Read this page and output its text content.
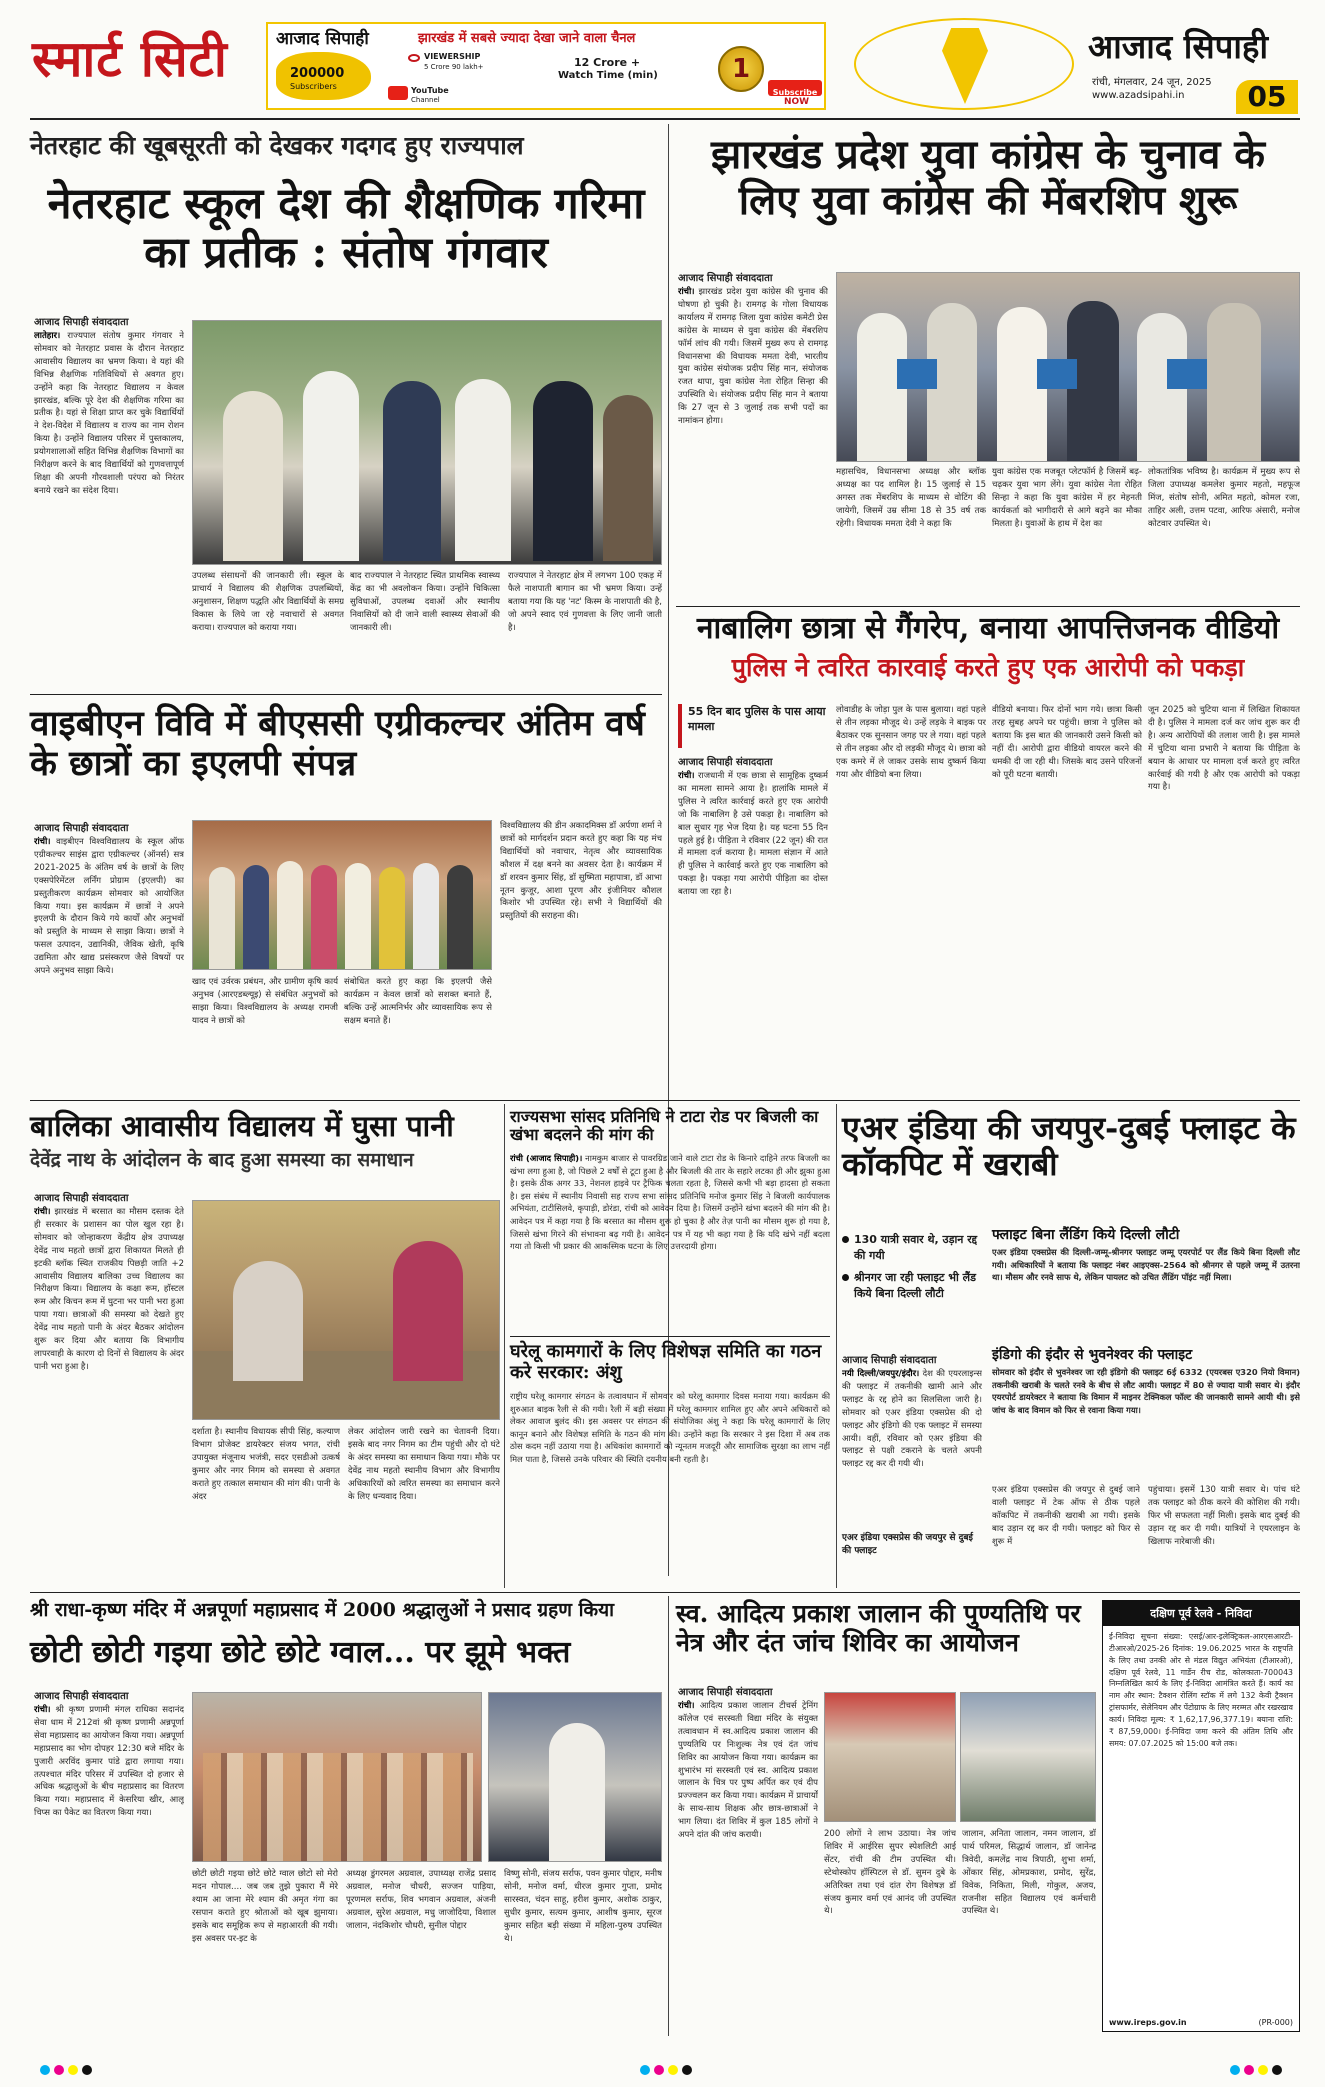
स्मार्ट सिटी	आजाद सिपाही	झारखंड में सबसे ज्यादा देखा जाने वाला चैनल
200000
Subscribers	YouTube
Channel
VIEWERSHIP
5 Crore 90 lakh+	12 Crore +
Watch Time (min)	1
Subscribe
NOW
आजाद सिपाही
रांची, मंगलवार, 24 जून, 2025
www.azadsipahi.in	05
नेतरहाट की खूबसूरती को देखकर गदगद हुए राज्यपाल
नेतरहाट स्कूल देश की शैक्षणिक गरिमा का प्रतीक : संतोष गंगवार
आजाद सिपाही संवाददाता
लातेहार। राज्यपाल संतोष कुमार गंगवार ने सोमवार को नेतरहाट प्रवास के दौरान नेतरहाट आवासीय विद्यालय का भ्रमण किया। वे यहां की विभिन्न शैक्षणिक गतिविधियों से अवगत हुए। उन्होंने कहा कि नेतरहाट विद्यालय न केवल झारखंड, बल्कि पूरे देश की शैक्षणिक गरिमा का प्रतीक है। यहां से शिक्षा प्राप्त कर चुके विद्यार्थियों ने देश-विदेश में विद्यालय व राज्य का नाम रोशन किया है। उन्होंने विद्यालय परिसर में पुस्तकालय, प्रयोगशालाओं सहित विभिन्न शैक्षणिक विभागों का निरीक्षण करने के बाद विद्यार्थियों को गुणवत्तापूर्ण शिक्षा की अपनी गौरवशाली परंपरा को निरंतर बनाये रखने का संदेश दिया।
उपलब्ध संसाधनों की जानकारी ली। स्कूल के प्राचार्य ने विद्यालय की शैक्षणिक उपलब्धियों, अनुशासन, शिक्षण पद्धति और विद्यार्थियों के समग्र विकास के लिये जा रहे नवाचारों से अवगत कराया। राज्यपाल को कराया गया।
बाद राज्यपाल ने नेतरहाट स्थित प्राथमिक स्वास्थ्य केंद्र का भी अवलोकन किया। उन्होंने चिकित्सा सुविधाओं, उपलब्ध दवाओं और स्थानीय निवासियों को दी जाने वाली स्वास्थ्य सेवाओं की जानकारी ली।
राज्यपाल ने नेतरहाट क्षेत्र में लगभग 100 एकड़ में फैले नाशपाती बागान का भी भ्रमण किया। उन्हें बताया गया कि यह 'नट' किस्म के नाशपाती की है, जो अपने स्वाद एवं गुणवत्ता के लिए जानी जाती है।
झारखंड प्रदेश युवा कांग्रेस के चुनाव के लिए युवा कांग्रेस की मेंबरशिप शुरू
आजाद सिपाही संवाददाता
रांची। झारखंड प्रदेश युवा कांग्रेस की चुनाव की घोषणा हो चुकी है। रामगढ़ के गोला विधायक कार्यालय में रामगढ़ जिला युवा कांग्रेस कमेटी प्रेस कांग्रेस के माध्यम से युवा कांग्रेस की मेंबरशिप फॉर्म लांच की गयी। जिसमें मुख्य रूप से रामगढ़ विधानसभा की विधायक ममता देवी, भारतीय युवा कांग्रेस संयोजक प्रदीप सिंह मान, संयोजक रजत थापा, युवा कांग्रेस नेता रोहित सिन्हा की उपस्थिति थे। संयोजक प्रदीप सिंह मान ने बताया कि 27 जून से 3 जुलाई तक सभी पदों का नामांकन होगा।
महासचिव, विधानसभा अध्यक्ष और ब्लॉक अध्यक्ष का पद शामिल है। 15 जुलाई से 15 अगस्त तक मेंबरशिप के माध्यम से वोटिंग की जायेगी, जिसमें उम्र सीमा 18 से 35 वर्ष तक रहेगी। विधायक ममता देवी ने कहा कि
युवा कांग्रेस एक मजबूत प्लेटफॉर्म है जिसमें बढ़-चढ़कर युवा भाग लेंगे। युवा कांग्रेस नेता रोहित सिन्हा ने कहा कि युवा कांग्रेस में हर मेहनती कार्यकर्ता को भागीदारी से आगे बढ़ने का मौका मिलता है। युवाओं के हाथ में देश का
लोकतांत्रिक भविष्य है। कार्यक्रम में मुख्य रूप से जिला उपाध्यक्ष कमलेश कुमार महतो, महफूज मिंज, संतोष सोनी, अमित महतो, कोमल रजा, ताहिर अली, उत्तम पटवा, आरिफ अंसारी, मनोज कोटवार उपस्थित थे।
नाबालिग छात्रा से गैंगरेप, बनाया आपत्तिजनक वीडियो
पुलिस ने त्वरित कारवाई करते हुए एक आरोपी को पकड़ा
55 दिन बाद पुलिस के पास आया मामला
आजाद सिपाही संवाददाता
रांची। राजधानी में एक छात्रा से सामूहिक दुष्कर्म का मामला सामने आया है। हालांकि मामले में पुलिस ने त्वरित कार्रवाई करते हुए एक आरोपी जो कि नाबालिग है उसे पकड़ा है। नाबालिग को बाल सुधार गृह भेज दिया है। यह घटना 55 दिन पहले हुई है। पीड़िता ने रविवार (22 जून) की रात में मामला दर्ज कराया है। मामला संज्ञान में आते ही पुलिस ने कार्रवाई करते हुए एक नाबालिग को पकड़ा है। पकड़ा गया आरोपी पीड़िता का दोस्त बताया जा रहा है।
लोवाडीह के जोड़ा पुल के पास बुलाया। वहां पहले से तीन लड़का मौजूद थे। उन्हें लड़के ने बाइक पर बैठाकर एक सुनसान जगह पर ले गया। वहां पहले से तीन लड़का और दो लड़की मौजूद थे। छात्रा को एक कमरे में ले जाकर उसके साथ दुष्कर्म किया गया और वीडियो बना लिया।
वीडियो बनाया। फिर दोनों भाग गये। छात्रा किसी तरह सुबह अपने घर पहुंची। छात्रा ने पुलिस को बताया कि इस बात की जानकारी उसने किसी को नहीं दी। आरोपी द्वारा वीडियो वायरल करने की धमकी दी जा रही थी। जिसके बाद उसने परिजनों को पूरी घटना बतायी।
जून 2025 को चुटिया थाना में लिखित शिकायत दी है। पुलिस ने मामला दर्ज कर जांच शुरू कर दी है। अन्य आरोपियों की तलाश जारी है। इस मामले में चुटिया थाना प्रभारी ने बताया कि पीड़िता के बयान के आधार पर मामला दर्ज करते हुए त्वरित कार्रवाई की गयी है और एक आरोपी को पकड़ा गया है।
वाइबीएन विवि में बीएससी एग्रीकल्चर अंतिम वर्ष के छात्रों का इएलपी संपन्न
आजाद सिपाही संवाददाता
रांची। वाइबीएन विश्वविद्यालय के स्कूल ऑफ एग्रीकल्चर साइंस द्वारा एग्रीकल्चर (ऑनर्स) सत्र 2021-2025 के अंतिम वर्ष के छात्रों के लिए एक्सपेरिमेंटल लर्निंग प्रोग्राम (इएलपी) का प्रस्तुतीकरण कार्यक्रम सोमवार को आयोजित किया गया। इस कार्यक्रम में छात्रों ने अपने इएलपी के दौरान किये गये कार्यों और अनुभवों को प्रस्तुति के माध्यम से साझा किया। छात्रों ने फसल उत्पादन, उद्यानिकी, जैविक खेती, कृषि उद्यमिता और खाद्य प्रसंस्करण जैसे विषयों पर अपने अनुभव साझा किये।
खाद एवं उर्वरक प्रबंधन, और ग्रामीण कृषि कार्य अनुभव (आरएडब्ल्यूइ) से संबंधित अनुभवों को साझा किया। विश्वविद्यालय के अध्यक्ष रामजी यादव ने छात्रों को
संबोधित करते हुए कहा कि इएलपी जैसे कार्यक्रम न केवल छात्रों को सशक्त बनाते हैं, बल्कि उन्हें आत्मनिर्भर और व्यावसायिक रूप से सक्षम बनाते हैं।
विश्वविद्यालय की डीन अकादमिक्स डॉ अर्पणा शर्मा ने छात्रों को मार्गदर्शन प्रदान करते हुए कहा कि यह मंच विद्यार्थियों को नवाचार, नेतृत्व और व्यावसायिक कौशल में दक्ष बनने का अवसर देता है। कार्यक्रम में डॉ शरवन कुमार सिंह, डॉ सुष्मिता महापात्रा, डॉ आभा नूतन कुजूर, आशा पूरण और इंजीनियर कौशल किशोर भी उपस्थित रहे। सभी ने विद्यार्थियों की प्रस्तुतियों की सराहना की।
बालिका आवासीय विद्यालय में घुसा पानी
देवेंद्र नाथ के आंदोलन के बाद हुआ समस्या का समाधान
आजाद सिपाही संवाददाता
रांची। झारखंड में बरसात का मौसम दस्तक देते ही सरकार के प्रशासन का पोल खुल रहा है। सोमवार को जोन्हाकरण केंद्रीय क्षेत्र उपाध्यक्ष देवेंद्र नाथ महतो छात्रों द्वारा शिकायत मिलते ही इटकी ब्लॉक स्थित राजकीय पिछड़ी जाति +2 आवासीय विद्यालय बालिका उच्च विद्यालय का निरीक्षण किया। विद्यालय के कक्षा रूम, हॉस्टल रूम और किचन रूम में घुटना भर पानी भरा हुआ पाया गया। छात्राओं की समस्या को देखते हुए देवेंद्र नाथ महतो पानी के अंदर बैठकर आंदोलन शुरू कर दिया और बताया कि विभागीय लापरवाही के कारण दो दिनों से विद्यालय के अंदर पानी भरा हुआ है।
दर्शाता है। स्थानीय विधायक सीपी सिंह, कल्याण विभाग प्रोजेक्ट डायरेक्टर संजय भगत, रांची उपायुक्त मंजूनाथ भजंत्री, सदर एसडीओ उत्कर्ष कुमार और नगर निगम को समस्या से अवगत कराते हुए तत्काल समाधान की मांग की। पानी के अंदर
लेकर आंदोलन जारी रखने का चेतावनी दिया। इसके बाद नगर निगम का टीम पहुंची और दो घंटे के अंदर समस्या का समाधान किया गया। मौके पर देवेंद्र नाथ महतो स्थानीय विभाग और विभागीय अधिकारियों को त्वरित समस्या का समाधान करने के लिए धन्यवाद दिया।
राज्यसभा सांसद प्रतिनिधि ने टाटा रोड पर बिजली का खंभा बदलने की मांग की
रांची (आजाद सिपाही)। नामकुम बाजार से पावरग्रिड जाने वाले टाटा रोड के किनारे दाहिने तरफ बिजली का खंभा लगा हुआ है, जो पिछले 2 वर्षों से टूटा हुआ है और बिजली की तार के सहारे लटका ही और झुका हुआ है। इसके ठीक अगर 33, नेशनल हाइवे पर ट्रैफिक चलता रहता है, जिससे कभी भी बड़ा हादसा हो सकता है। इस संबंध में स्थानीय निवासी सह राज्य सभा सांसद प्रतिनिधि मनोज कुमार सिंह ने बिजली कार्यपालक अभियंता, टाटीसिलवे, कृपाड़ी, डोरंडा, रांची को आवेदन दिया है। जिसमें उन्होंने खंभा बदलने की मांग की है। आवेदन पत्र में कहा गया है कि बरसात का मौसम शुरू हो चुका है और तेज़ पानी का मौसम शुरू हो गया है, जिससे खंभा गिरने की संभावना बढ़ गयी है। आवेदन पत्र में यह भी कहा गया है कि यदि खंभे नहीं बदला गया तो किसी भी प्रकार की आकस्मिक घटना के लिए उत्तरदायी होगा।
घरेलू कामगारों के लिए विशेषज्ञ समिति का गठन करे सरकार: अंशु
राष्ट्रीय घरेलू कामगार संगठन के तत्वावधान में सोमवार को घरेलू कामगार दिवस मनाया गया। कार्यक्रम की शुरुआत बाइक रैली से की गयी। रैली में बड़ी संख्या में घरेलू कामगार शामिल हुए और अपने अधिकारों को लेकर आवाज बुलंद की। इस अवसर पर संगठन की संयोजिका अंशु ने कहा कि घरेलू कामगारों के लिए कानून बनाने और विशेषज्ञ समिति के गठन की मांग की। उन्होंने कहा कि सरकार ने इस दिशा में अब तक ठोस कदम नहीं उठाया गया है। अधिकांश कामगारों को न्यूनतम मजदूरी और सामाजिक सुरक्षा का लाभ नहीं मिल पाता है, जिससे उनके परिवार की स्थिति दयनीय बनी रहती है।
एअर इंडिया की जयपुर-दुबई फ्लाइट के कॉकपिट में खराबी
130 यात्री सवार थे, उड़ान रद्द की गयी
श्रीनगर जा रही फ्लाइट भी लैंड किये बिना दिल्ली लौटी
फ्लाइट बिना लैंडिंग किये दिल्ली लौटी
एअर इंडिया एक्सप्रेस की दिल्ली-जम्मू-श्रीनगर फ्लाइट जम्मू एयरपोर्ट पर लैंड किये बिना दिल्ली लौट गयी। अधिकारियों ने बताया कि फ्लाइट नंबर आइएक्स-2564 को श्रीनगर से पहले जम्मू में उतरना था। मौसम और रनवे साफ थे, लेकिन पायलट को उचित लैंडिंग पॉइंट नहीं मिला।
आजाद सिपाही संवाददाता
नयी दिल्ली/जयपुर/इंदौर। देश की एयरलाइन्स की फ्लाइट में तकनीकी खामी आने और फ्लाइट के रद्द होने का सिलसिला जारी है। सोमवार को एअर इंडिया एक्सप्रेस की दो फ्लाइट और इंडिगो की एक फ्लाइट में समस्या आयी। वहीं, रविवार को एअर इंडिया की फ्लाइट से पक्षी टकराने के चलते अपनी फ्लाइट रद्द कर दी गयी थी।
एअर इंडिया एक्सप्रेस की जयपुर से दुबई की फ्लाइट
इंडिगो की इंदौर से भुवनेश्वर की फ्लाइट
सोमवार को इंदौर से भुवनेश्वर जा रही इंडिगो की फ्लाइट 6ई 6332 (एयरबस ए320 नियो विमान) तकनीकी खराबी के चलते रनवे के बीच से लौट आयी। फ्लाइट में 80 से ज्यादा यात्री सवार थे। इंदौर एयरपोर्ट डायरेक्टर ने बताया कि विमान में माइनर टेक्निकल फॉल्ट की जानकारी सामने आयी थी। इसे जांच के बाद विमान को फिर से रवाना किया गया।
एअर इंडिया एक्सप्रेस की जयपुर से दुबई जाने वाली फ्लाइट में टेक ऑफ से ठीक पहले कॉकपिट में तकनीकी खराबी आ गयी। इसके बाद उड़ान रद्द कर दी गयी। फ्लाइट को फिर से शुरू में
पहुंचाया। इसमें 130 यात्री सवार थे। पांच घंटे तक फ्लाइट को ठीक करने की कोशिश की गयी। फिर भी सफलता नहीं मिली। इसके बाद दुबई की उड़ान रद्द कर दी गयी। यात्रियों ने एयरलाइन के खिलाफ नारेबाजी की।
श्री राधा-कृष्ण मंदिर में अन्नपूर्णा महाप्रसाद में 2000 श्रद्धालुओं ने प्रसाद ग्रहण किया
छोटी छोटी गइया छोटे छोटे ग्वाल... पर झूमे भक्त
आजाद सिपाही संवाददाता
रांची। श्री कृष्ण प्रणामी मंगल राधिका सदानंद सेवा धाम में 212वां श्री कृष्ण प्रणामी अन्नपूर्णा सेवा महाप्रसाद का आयोजन किया गया। अन्नपूर्णा महाप्रसाद का भोग दोपहर 12:30 बजे मंदिर के पुजारी अरविंद कुमार पांडे द्वारा लगाया गया। तत्पश्चात मंदिर परिसर में उपस्थित दो हजार से अधिक श्रद्धालुओं के बीच महाप्रसाद का वितरण किया गया। महाप्रसाद में केसरिया खीर, आलू चिप्स का पैकेट का वितरण किया गया।
छोटी छोटी गइया छोटे छोटे ग्वाल छोटो सो मेरो मदन गोपाल.... जब जब तुझे पुकारा मैं मेरे श्याम आ जाना मेरे श्याम की अमृत गंगा का रसपान कराते हुए श्रोताओं को खूब झुमाया। इसके बाद समूहिक रूप से महाआरती की गयी। इस अवसर पर-इट के
अध्यक्ष डुंगरमल अग्रवाल, उपाध्यक्ष राजेंद्र प्रसाद अग्रवाल, मनोज चौधरी, सज्जन पाड़िया, पूरणमल सर्राफ, शिव भगवान अग्रवाल, अंजनी अग्रवाल, सुरेश अग्रवाल, मधु जाजोदिया, विशाल जालान, नंदकिशोर चौधरी, सुनील पोद्दार
विष्णु सोनी, संजय सर्राफ, पवन कुमार पोद्दार, मनीष सोनी, मनोज वर्मा, धीरज कुमार गुप्ता, प्रमोद सारस्वत, चंदन साहू, हरीश कुमार, अशोक ठाकुर, सुधीर कुमार, सत्यम कुमार, आशीष कुमार, सूरज कुमार सहित बड़ी संख्या में महिला-पुरुष उपस्थित थे।
स्व. आदित्य प्रकाश जालान की पुण्यतिथि पर नेत्र और दंत जांच शिविर का आयोजन
आजाद सिपाही संवाददाता
रांची। आदित्य प्रकाश जालान टीचर्स ट्रेनिंग कॉलेज एवं सरस्वती विद्या मंदिर के संयुक्त तत्वावधान में स्व.आदित्य प्रकाश जालान की पुण्यतिथि पर निःशुल्क नेत्र एवं दंत जांच शिविर का आयोजन किया गया। कार्यक्रम का शुभारंभ मां सरस्वती एवं स्व. आदित्य प्रकाश जालान के चित्र पर पुष्प अर्पित कर एवं दीप प्रज्ज्वलन कर किया गया। कार्यक्रम में प्राचार्यों के साथ-साथ शिक्षक और छात्र-छात्राओं ने भाग लिया। दंत शिविर में कुल 185 लोगों ने अपने दांत की जांच करायी।	200 लोगों ने लाभ उठाया। नेत्र जांच शिविर में आईरिस सुपर स्पेशलिटी आई सेंटर, रांची की टीम उपस्थित थी। स्टेथोस्कोप हॉस्पिटल से डॉ. सुमन दुबे के अतिरिक्त तथा एवं दांत रोग विशेषज्ञ डॉ संजय कुमार वर्मा एवं आनंद जी उपस्थित थे।
जालान, अनिता जालान, नमन जालान, डॉ पार्थ परिमल, सिद्धार्थ जालान, डॉ जानेन्द्र त्रिवेदी, कमलेंद्र नाथ त्रिपाठी, शुभा शर्मा, ओंकार सिंह, ओमप्रकाश, प्रमोद, सुरेंद्र, विवेक, निकिता, मिली, गोकुल, अजय, राजनीश सहित विद्यालय एवं कर्मचारी उपस्थित थे।
दक्षिण पूर्व रेलवे - निविदा
ई-निविदा सूचना संख्या: एसई/आर-इलेक्ट्रिकल-आरएसआरटी-टीआरओ/2025-26 दिनांक: 19.06.2025 भारत के राष्ट्रपति के लिए तथा उनकी ओर से मंडल विद्युत अभियंता (टीआरओ), दक्षिण पूर्व रेलवे, 11 गार्डेन रीच रोड, कोलकाता-700043 निम्नलिखित कार्य के लिए ई-निविदा आमंत्रित करते हैं। कार्य का नाम और स्थान: टैक्शन रोलिंग स्टॉक में लगे 132 केवी ट्रैक्शन ट्रांसफार्मर, सेलेनियम और पेंटोग्राफ के लिए मरम्मत और रखरखाव कार्य। निविदा मूल्य: ₹ 1,62,17,96,377.19। बयाना राशि: ₹ 87,59,000। ई-निविदा जमा करने की अंतिम तिथि और समय: 07.07.2025 को 15:00 बजे तक।
www.ireps.gov.in	(PR-000)
